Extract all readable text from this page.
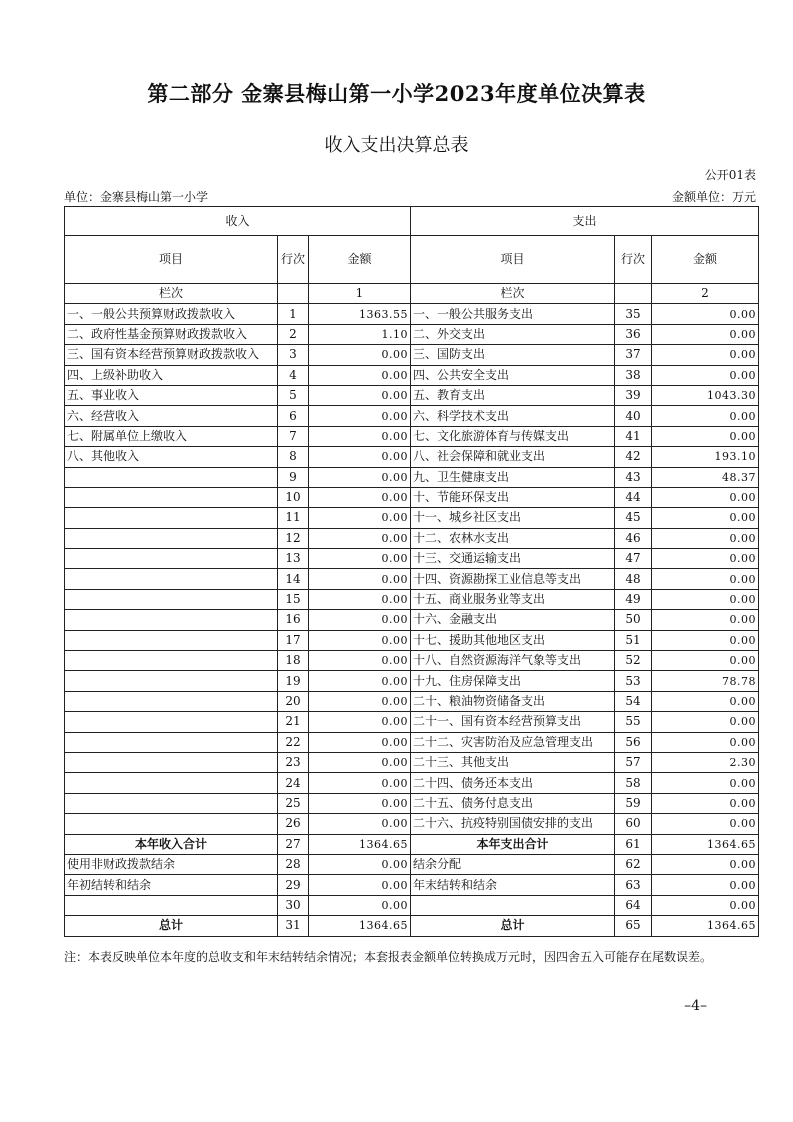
第二部分 金寨县梅山第一小学2023年度单位决算表
收入支出决算总表
公开01表
单位：金寨县梅山第一小学	金额单位：万元
收入			支出		
项目	行次	金额	项目	行次	金额
栏次		1	栏次		2
一、一般公共预算财政拨款收入	1	1363.55	一、一般公共服务支出	35	0.00
二、政府性基金预算财政拨款收入	2	1.10	二、外交支出	36	0.00
三、国有资本经营预算财政拨款收入	3	0.00	三、国防支出	37	0.00
四、上级补助收入	4	0.00	四、公共安全支出	38	0.00
五、事业收入	5	0.00	五、教育支出	39	1043.30
六、经营收入	6	0.00	六、科学技术支出	40	0.00
七、附属单位上缴收入	7	0.00	七、文化旅游体育与传媒支出	41	0.00
八、其他收入	8	0.00	八、社会保障和就业支出	42	193.10
	9	0.00	九、卫生健康支出	43	48.37
	10	0.00	十、节能环保支出	44	0.00
	11	0.00	十一、城乡社区支出	45	0.00
	12	0.00	十二、农林水支出	46	0.00
	13	0.00	十三、交通运输支出	47	0.00
	14	0.00	十四、资源勘探工业信息等支出	48	0.00
	15	0.00	十五、商业服务业等支出	49	0.00
	16	0.00	十六、金融支出	50	0.00
	17	0.00	十七、援助其他地区支出	51	0.00
	18	0.00	十八、自然资源海洋气象等支出	52	0.00
	19	0.00	十九、住房保障支出	53	78.78
	20	0.00	二十、粮油物资储备支出	54	0.00
	21	0.00	二十一、国有资本经营预算支出	55	0.00
	22	0.00	二十二、灾害防治及应急管理支出	56	0.00
	23	0.00	二十三、其他支出	57	2.30
	24	0.00	二十四、债务还本支出	58	0.00
	25	0.00	二十五、债务付息支出	59	0.00
	26	0.00	二十六、抗疫特别国债安排的支出	60	0.00
本年收入合计	27	1364.65	本年支出合计	61	1364.65
使用非财政拨款结余	28	0.00	结余分配	62	0.00
年初结转和结余	29	0.00	年末结转和结余	63	0.00
	30	0.00		64	0.00
总计	31	1364.65	总计	65	1364.65
注：本表反映单位本年度的总收支和年末结转结余情况；本套报表金额单位转换成万元时，因四舍五入可能存在尾数误差。
–4–
